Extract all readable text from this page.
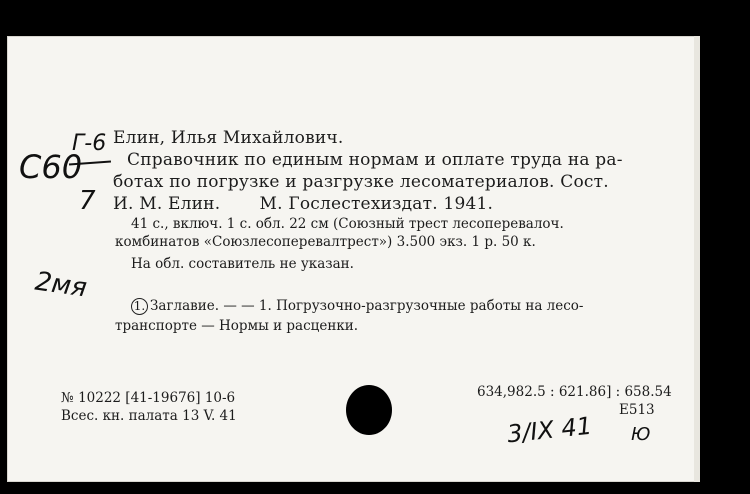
С60
Г-6
7
2мя
Елин, Илья Михайлович.
Справочник по единым нормам и оплате труда на ра-
ботах по погрузке и разгрузке лесоматериалов. Сост.
И. М. Елин.       М. Гослестехиздат. 1941.
41 с., включ. 1 с. обл. 22 см (Союзный трест лесоперевалоч.
комбинатов «Союзлесоперевалтрест») 3.500 экз. 1 р. 50 к.
На обл. составитель не указан.
1. Заглавие. — — 1. Погрузочно-разгрузочные работы на лесо-
транспорте — Нормы и расценки.
№ 10222 [41-19676] 10-6
Всес. кн. палата 13 V. 41
634,982.5 : 621.86] : 658.54
Е513
3/IX 41 Ю
